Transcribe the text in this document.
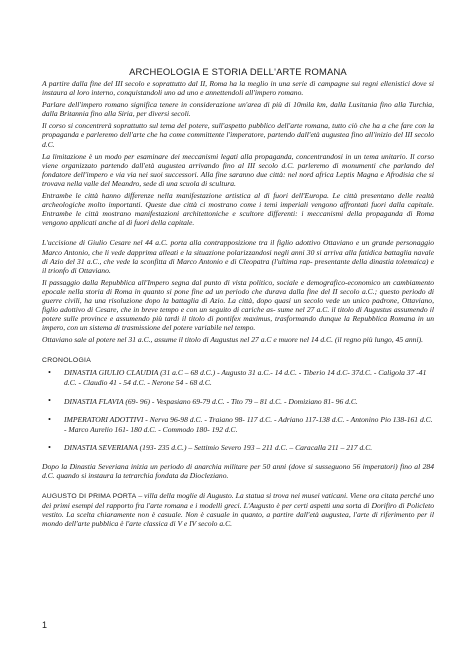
ARCHEOLOGIA E STORIA DELL'ARTE ROMANA

A partire dalla fine del III secolo e soprattutto dal II, Roma ha la meglio in una serie di campagne sui regni ellenistici dove si instaura al loro interno, conquistandoli uno ad uno e annettendoli all'impero romano.

Parlare dell'impero romano significa tenere in considerazione un'area di più di 10mila km, dalla Lusitania fino alla Turchia, dalla Britannia fino alla Siria, per diversi secoli.

Il corso si concentrerà soprattutto sul tema del potere, sull'aspetto pubblico dell'arte romana, tutto ciò che ha a che fare con la propaganda e parleremo dell'arte che ha come committente l'imperatore, partendo dall'età augustea fino all'inizio del III secolo d.C.

La limitazione è un modo per esaminare dei meccanismi legati alla propaganda, concentrandosi in un tema unitario. Il corso viene organizzato partendo dall'età augustea arrivando fino al III secolo d.C. parleremo di monumenti che parlando del fondatore dell'impero e via via nei suoi successori. Alla fine saranno due città: nel nord africa Leptis Magna e Afrodisia che si trovava nella valle del Meandro, sede di una scuola di scultura.

Entrambe le città hanno differenze nella manifestazione artistica al di fuori dell'Europa. Le città presentano delle realtà archeologiche molto importanti. Queste due città ci mostrano come i temi imperiali vengono affrontati fuori dalla capitale. Entrambe le città mostrano manifestazioni architettoniche e scultore differenti: i meccanismi della propaganda di Roma vengono applicati anche al di fuori della capitale.

L'uccisione di Giulio Cesare nel 44 a.C. porta alla contrapposizione tra il figlio adottivo Ottaviano e un grande personaggio Marco Antonio, che li vede dapprima alleati e la situazione polarizzandosi negli anni 30 si arriva alla fatidica battaglia navale di Azio del 31 a.C., che vede la sconfitta di Marco Antonio e di Cleopatra (l'ultima rap- presentante della dinastia tolemaica) e il trionfo di Ottaviano.

Il passaggio dalla Repubblica all'Impero segna dal punto di vista politico, sociale e demografico-economico un cambiamento epocale nella storia di Roma in quanto si pone fine ad un periodo che durava dalla fine del II secolo a.C.; questo periodo di guerre civili, ha una risoluzione dopo la battaglia di Azio. La città, dopo quasi un secolo vede un unico padrone, Ottaviano, figlio adottivo di Cesare, che in breve tempo e con un seguito di cariche as- sume nel 27 a.C. il titolo di Augustus assumendo il potere sulle province e assumendo più tardi il titolo di pontifex maximus, trasformando dunque la Repubblica Romana in un impero, con un sistema di trasmissione del potere variabile nel tempo.

Ottaviano sale al potere nel 31 a.C., assume il titolo di Augustus nel 27 a.C e muore nel 14 d.C. (il regno più lungo, 45 anni).

CRONOLOGIA
• DINASTIA GIULIO CLAUDIA (31 a.C – 68 d.C.) - Augusto 31 a.C.- 14 d.C. - Tiberio 14 d.C- 37d.C. - Caligola 37 -41 d.C. - Claudio 41 - 54 d.C. - Nerone 54 - 68 d.C.
• DINASTIA FLAVIA (69- 96) - Vespasiano 69-79 d.C. - Tito 79 – 81 d.C. - Domiziano 81- 96 d.C.
• IMPERATORI ADOTTIVI - Nerva 96-98 d.C. - Traiano 98- 117 d.C. - Adriano 117-138 d.C. - Antonino Pio 138-161 d.C. - Marco Aurelio 161- 180 d.C. - Commodo 180- 192 d.C.
• DINASTIA SEVERIANA (193- 235 d.C.) – Settimio Severo 193 – 211 d.C. – Caracalla 211 – 217 d.C.

Dopo la Dinastia Severiana inizia un periodo di anarchia militare per 50 anni (dove si susseguono 56 imperatori) fino al 284 d.C. quando si instaura la tetrarchia fondata da Diocleziano.

AUGUSTO DI PRIMA PORTA – villa della moglie di Augusto. La statua si trova nei musei vaticani. Viene ora citata perché uno dei primi esempi del rapporto fra l'arte romana e i modelli greci. L'Augusto è per certi aspetti una sorta di Dorifiro di Policleto vestito. La scelta chiaramente non è casuale. Non è casuale in quanto, a partire dall'età augustea, l'arte di riferimento per il mondo dell'arte pubblica è l'arte classica di V e IV secolo a.C.

1
